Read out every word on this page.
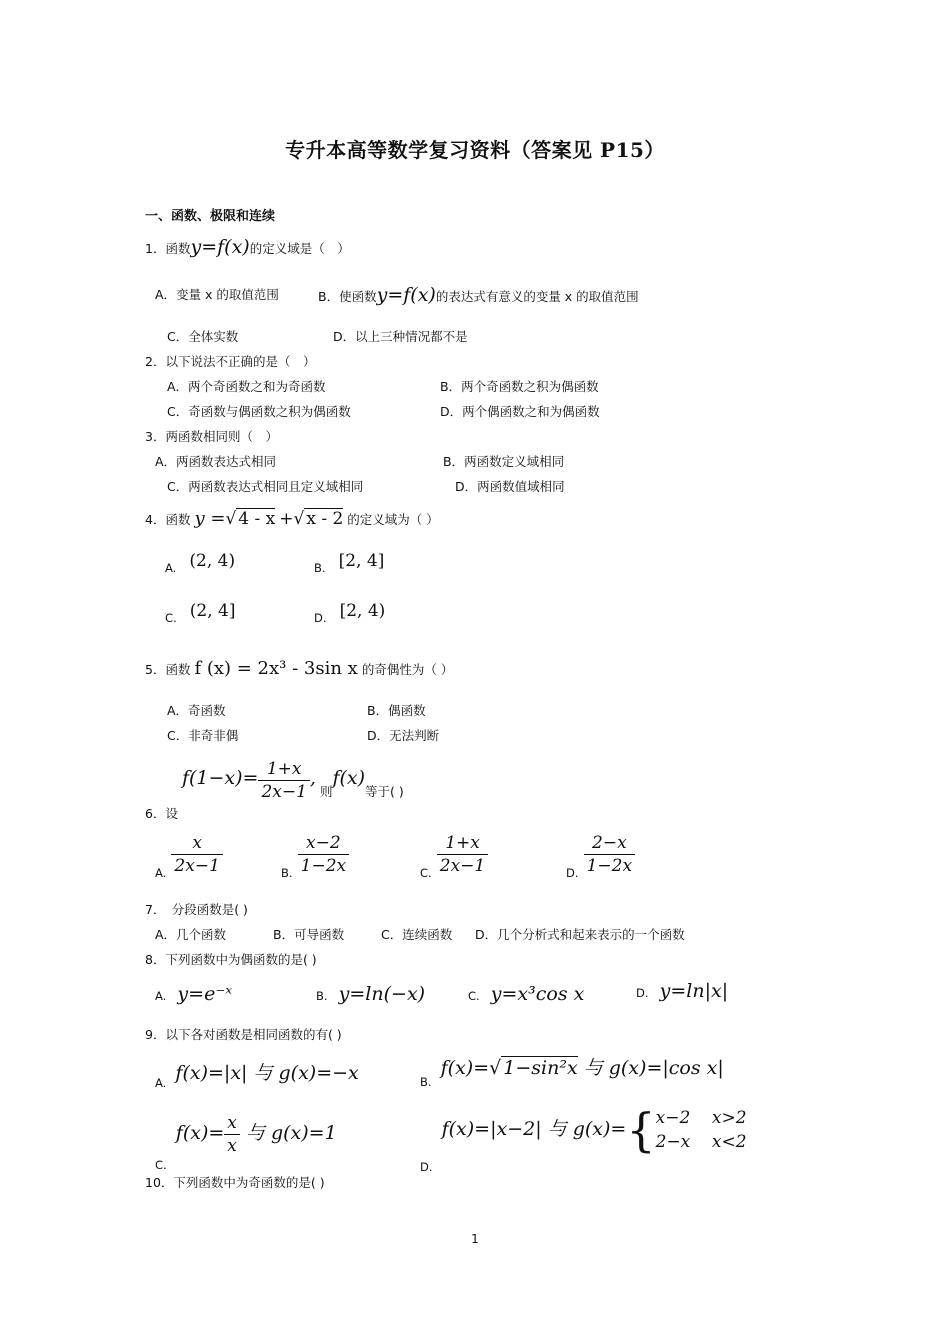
专升本高等数学复习资料（答案见 P15）
一、函数、极限和连续
1．函数y=f(x)的定义域是（　）
A．变量 x 的取值范围	B．使函数y=f(x)的表达式有意义的变量 x 的取值范围
C．全体实数	D．以上三种情况都不是
2．以下说法不正确的是（　）
A．两个奇函数之和为奇函数	B．两个奇函数之积为偶函数
C．奇函数与偶函数之积为偶函数	D．两个偶函数之和为偶函数
3．两函数相同则（　）
A．两函数表达式相同	B．两函数定义域相同
C．两函数表达式相同且定义域相同	D．两函数值域相同
4．函数 y =√ 4 - x +√ x - 2 的定义域为（ ）
A. (2, 4)	B. [2, 4]
C. (2, 4]	D. [2, 4)
5．函数 f (x) = 2x³ - 3sin x 的奇偶性为（ ）
A．奇函数	B．偶函数
C．非奇非偶	D．无法判断
6．设 $f(1-x)= \frac{1+x}{2x-1}$ , 则f(x)等于( )
$_{A.} \frac{x}{2x-1}$	$_{B.} \frac{x-2}{1-2x}$	$_{C.} \frac{1+x}{2x-1}$	$_{D.} \frac{2-x}{1-2x}$
7．　分段函数是( )
A．几个函数	B．可导函数	C．连续函数 D．几个分析式和起来表示的一个函数
8．下列函数中为偶函数的是( )
A. y=e⁻ˣ	B. y=ln(−x)	C. y=x³cos x	D. y=ln|x|
9．以下各对函数是相同函数的有( )
$_{A.}$ f(x)=|x| 与 g(x)=−x	$_{B.}$ f(x)=√ 1−sin²x 与 g(x)=|cos x|
$_{C.}$ $f(x)= \frac{x}{x}$ 与 g(x)=1
$_{D.}$ f(x)=|x−2| 与 g(x)={ x−2    x>2
2−x    x<2
10．下列函数中为奇函数的是( )
1
